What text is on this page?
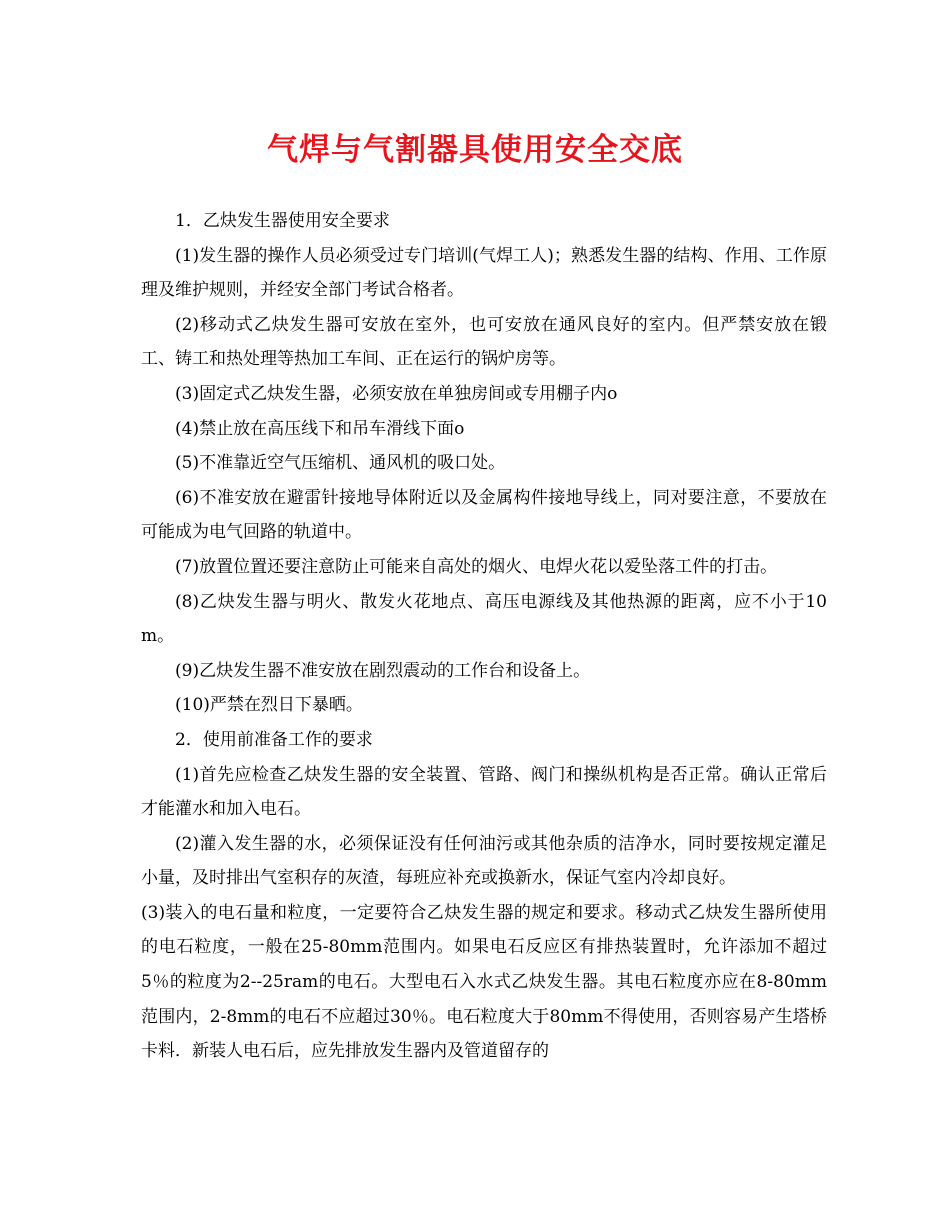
气焊与气割器具使用安全交底

1．乙炔发生器使用安全要求

(1)发生器的操作人员必须受过专门培训(气焊工人)；熟悉发生器的结构、作用、工作原理及维护规则，并经安全部门考试合格者。

(2)移动式乙炔发生器可安放在室外，也可安放在通风良好的室内。但严禁安放在锻工、铸工和热处理等热加工车间、正在运行的锅炉房等。

(3)固定式乙炔发生器，必须安放在单独房间或专用棚子内o

(4)禁止放在高压线下和吊车滑线下面o

(5)不准靠近空气压缩机、通风机的吸口处。

(6)不准安放在避雷针接地导体附近以及金属构件接地导线上，同对要注意，不要放在可能成为电气回路的轨道中。

(7)放置位置还要注意防止可能来自高处的烟火、电焊火花以爱坠落工件的打击。

(8)乙炔发生器与明火、散发火花地点、高压电源线及其他热源的距离，应不小于10m。

(9)乙炔发生器不准安放在剧烈震动的工作台和设备上。

(10)严禁在烈日下暴晒。

2．使用前准备工作的要求

(1)首先应检查乙炔发生器的安全装置、管路、阀门和操纵机构是否正常。确认正常后才能灌水和加入电石。

(2)灌入发生器的水，必须保证没有任何油污或其他杂质的洁净水，同时要按规定灌足小量，及时排出气室积存的灰渣，每班应补充或换新水，保证气室内冷却良好。

(3)装入的电石量和粒度，一定要符合乙炔发生器的规定和要求。移动式乙炔发生器所使用的电石粒度，一般在25-80mm范围内。如果电石反应区有排热装置时，允许添加不超过5％的粒度为2--25ram的电石。大型电石入水式乙炔发生器。其电石粒度亦应在8-80mm范围内，2-8mm的电石不应超过30％。电石粒度大于80mm不得使用，否则容易产生塔桥卡料．新装人电石后，应先排放发生器内及管道留存的
